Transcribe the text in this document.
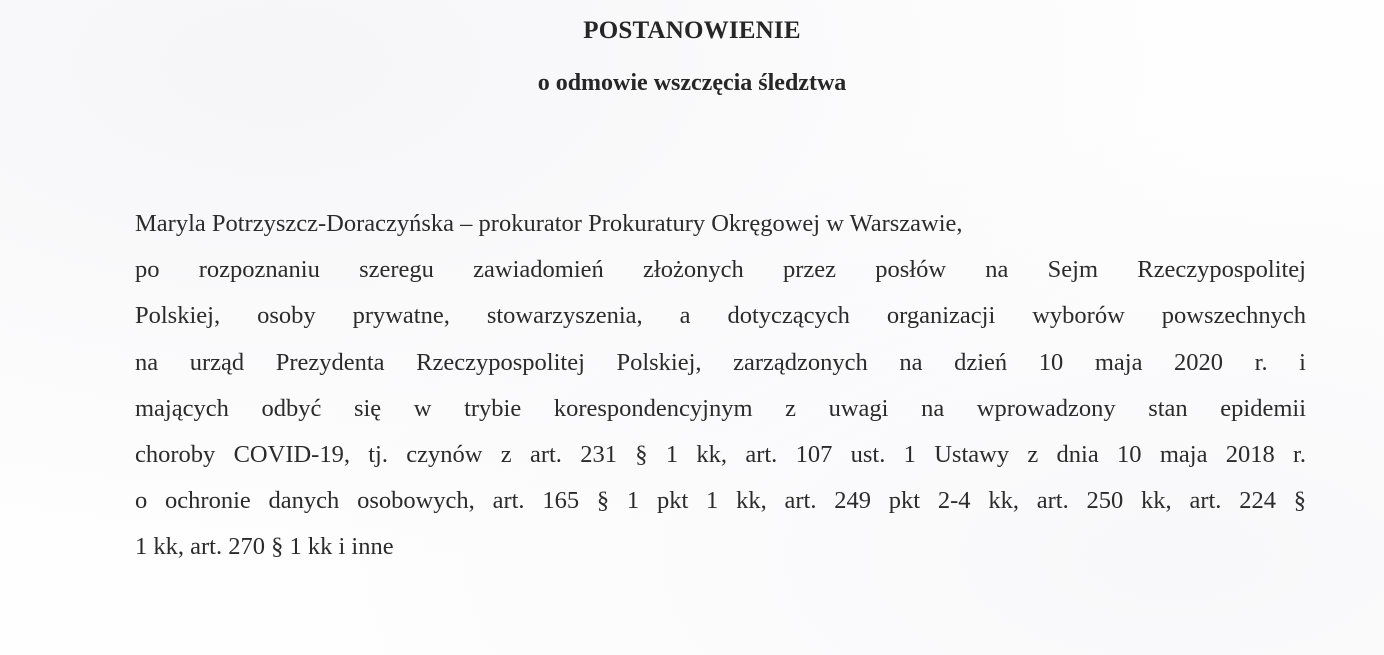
POSTANOWIENIE
o odmowie wszczęcia śledztwa
Maryla Potrzyszcz-Doraczyńska – prokurator Prokuratury Okręgowej w Warszawie,
po rozpoznaniu szeregu zawiadomień złożonych przez posłów na Sejm Rzeczypospolitej
Polskiej, osoby prywatne, stowarzyszenia, a dotyczących organizacji wyborów powszechnych
na urząd Prezydenta Rzeczypospolitej Polskiej, zarządzonych na dzień 10 maja 2020 r. i
mających odbyć się w trybie korespondencyjnym z uwagi na wprowadzony stan epidemii
choroby COVID-19, tj. czynów z art. 231 § 1 kk, art. 107 ust. 1 Ustawy z dnia 10 maja 2018 r.
o ochronie danych osobowych, art. 165 § 1 pkt 1 kk, art. 249 pkt 2-4 kk, art. 250 kk, art. 224 §
1 kk, art. 270 § 1 kk i inne
